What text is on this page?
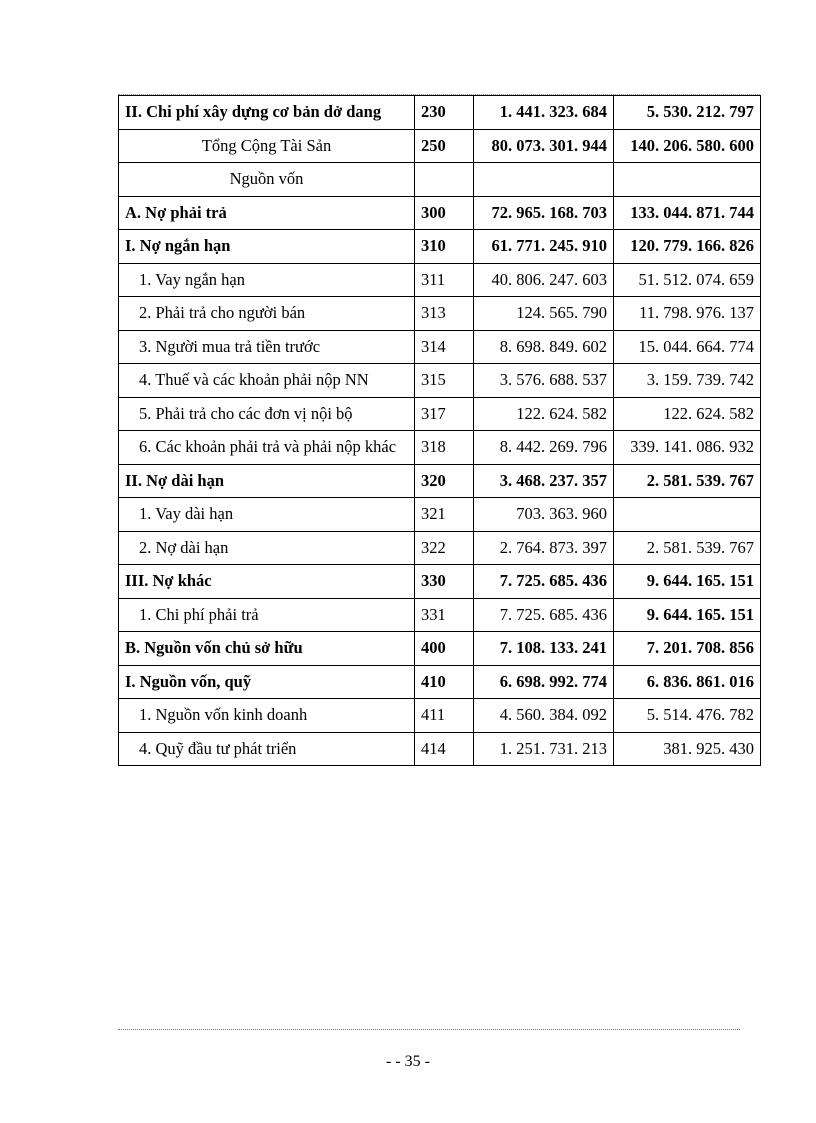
II. Chi phí xây dựng cơ bản dở dang	230	1. 441. 323. 684	5. 530. 212. 797
Tổng Cộng Tài Sản	250	80. 073. 301. 944	140. 206. 580. 600
Nguồn vốn			
A. Nợ phải trả	300	72. 965. 168. 703	133. 044. 871. 744
I. Nợ ngắn hạn	310	61. 771. 245. 910	120. 779. 166. 826
1. Vay ngắn hạn	311	40. 806. 247. 603	51. 512. 074. 659
2. Phải trả cho người bán	313	124. 565. 790	11. 798. 976. 137
3. Người mua trả tiền trước	314	8. 698. 849. 602	15. 044. 664. 774
4. Thuế và các khoản phải nộp NN	315	3. 576. 688. 537	3. 159. 739. 742
5. Phải trả cho các đơn vị nội bộ	317	122. 624. 582	122. 624. 582
6. Các khoản phải trả và phải nộp khác	318	8. 442. 269. 796	339. 141. 086. 932
II. Nợ dài hạn	320	3. 468. 237. 357	2. 581. 539. 767
1. Vay dài hạn	321	703. 363. 960	
2. Nợ dài hạn	322	2. 764. 873. 397	2. 581. 539. 767
III. Nợ khác	330	7. 725. 685. 436	9. 644. 165. 151
1. Chi phí phải trả	331	7. 725. 685. 436	9. 644. 165. 151
B. Nguồn vốn chủ sở hữu	400	7. 108. 133. 241	7. 201. 708. 856
I. Nguồn vốn, quỹ	410	6. 698. 992. 774	6. 836. 861. 016
1. Nguồn vốn kinh doanh	411	4. 560. 384. 092	5. 514. 476. 782
4. Quỹ đầu tư phát triển	414	1. 251. 731. 213	381. 925. 430
- - 35 -
